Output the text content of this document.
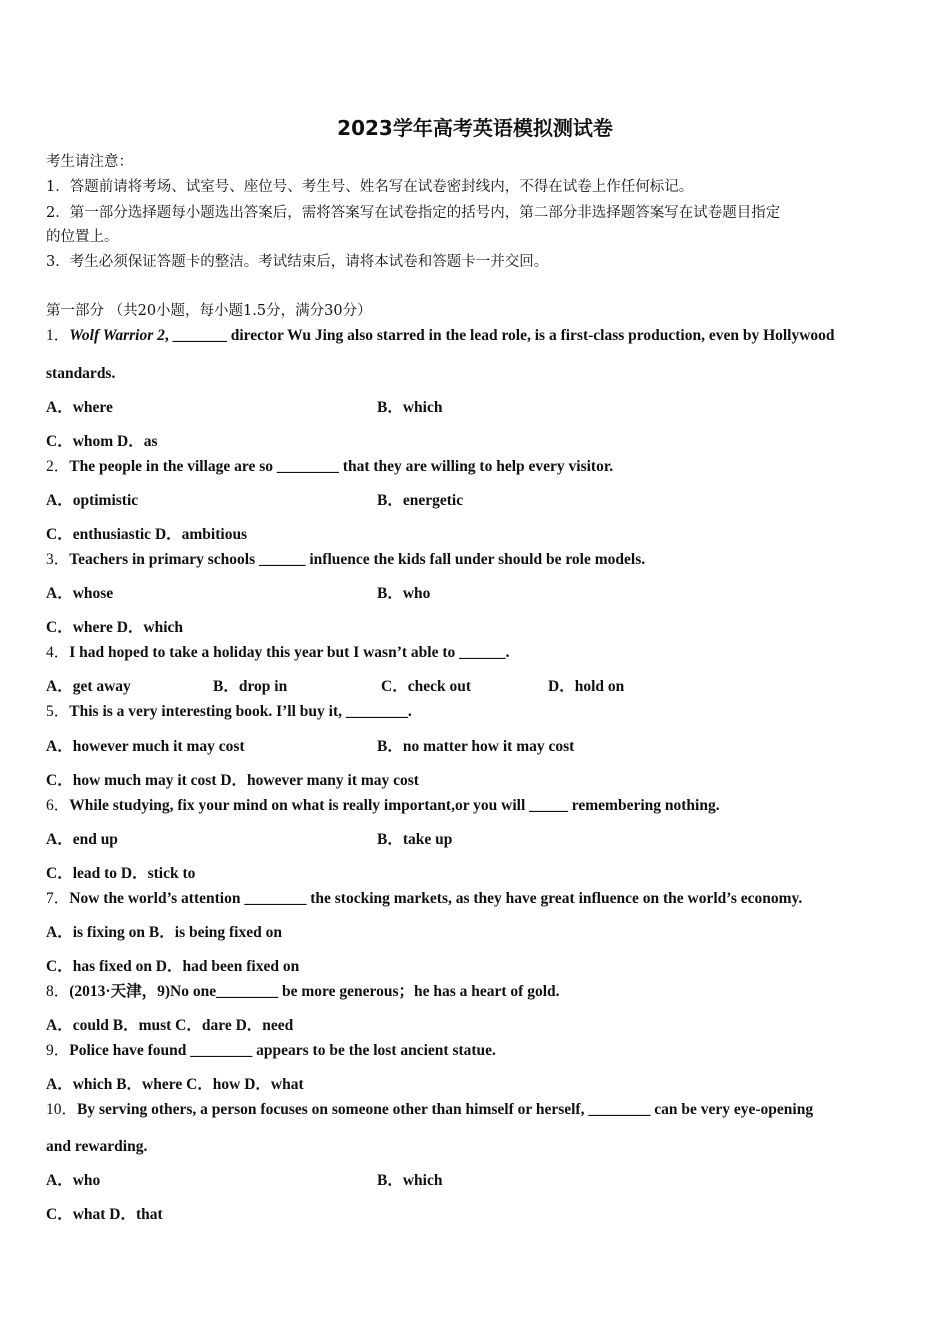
2023学年高考英语模拟测试卷
考生请注意：
1．答题前请将考场、试室号、座位号、考生号、姓名写在试卷密封线内，不得在试卷上作任何标记。
2．第一部分选择题每小题选出答案后，需将答案写在试卷指定的括号内，第二部分非选择题答案写在试卷题目指定
的位置上。
3．考生必须保证答题卡的整洁。考试结束后，请将本试卷和答题卡一并交回。
第一部分 （共20小题，每小题1.5分，满分30分）
1．Wolf Warrior 2, _______ director Wu Jing also starred in the lead role, is a first-class production, even by Hollywood
standards.
A．where	B．which
C．whom D．as
2．The people in the village are so ________ that they are willing to help every visitor.
A．optimistic	B．energetic
C．enthusiastic D．ambitious
3．Teachers in primary schools ______ influence the kids fall under should be role models.
A．whose	B．who
C．where D．which
4．I had hoped to take a holiday this year but I wasn’t able to ______.
A．get away	B．drop in	C．check out	D．hold on
5．This is a very interesting book. I’ll buy it, ________.
A．however much it may cost	B．no matter how it may cost
C．how much may it cost D．however many it may cost
6．While studying, fix your mind on what is really important,or you will _____ remembering nothing.
A．end up	B．take up
C．lead to D．stick to
7．Now the world’s attention ________ the stocking markets, as they have great influence on the world’s economy.
A．is fixing on B．is being fixed on
C．has fixed on D．had been fixed on
8．(2013·天津，9)No one________ be more generous；he has a heart of gold.
A．could B．must C．dare D．need
9．Police have found ________ appears to be the lost ancient statue.
A．which B．where C．how D．what
10．By serving others, a person focuses on someone other than himself or herself, ________ can be very eye-opening
and rewarding.
A．who	B．which
C．what D．that
